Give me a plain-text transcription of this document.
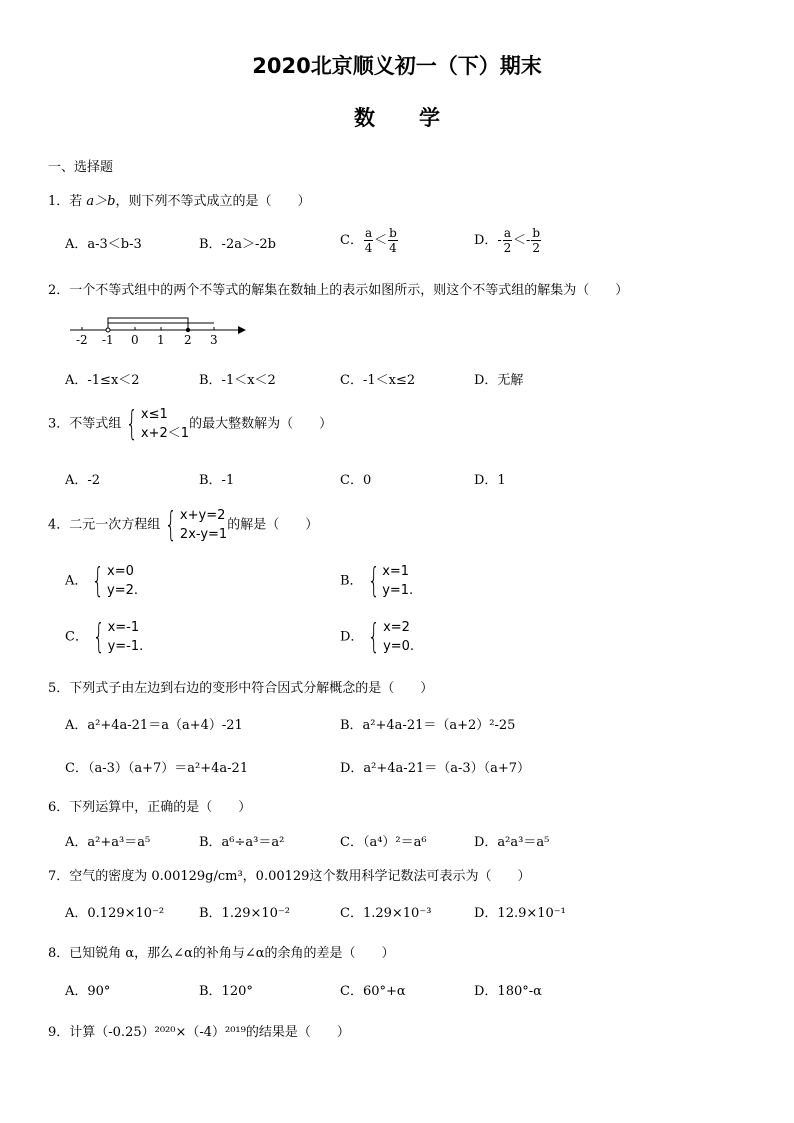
2020北京顺义初一（下）期末
数学
一、选择题
1．若 a＞b，则下列不等式成立的是（　　）
A．a-3＜b-3	B．-2a＞-2b	C． $\frac{a}{4} < \frac{b}{4}$	D．- $\frac{a}{2} <- \frac{b}{2}$
2．一个不等式组中的两个不等式的解集在数轴上的表示如图所示，则这个不等式组的解集为（　　）
-2 -1 0 1 2 3
A．-1≤x＜2	B．-1＜x＜2	C．-1＜x≤2	D．无解
3．不等式组 { x≤1
x+2＜1
的最大整数解为（　　）
A．-2	B．-1	C．0	D．1
4．二元一次方程组 { x+y=2
2x-y=1
的解是（　　）
A． { x=0
y=2.
B． { x=1
y=1.
C． { x=-1
y=-1.
D． { x=2
y=0.
5．下列式子由左边到右边的变形中符合因式分解概念的是（　　）
A．a²+4a-21＝a（a+4）-21	B．a²+4a-21＝（a+2）²-25
C．（a-3）（a+7）＝a²+4a-21	D．a²+4a-21＝（a-3）（a+7）
6．下列运算中，正确的是（　　）
A．a²+a³＝a⁵	B．a⁶÷a³＝a²	C．（a⁴）²＝a⁶	D．a²a³＝a⁵
7．空气的密度为 0.00129g/cm³，0.00129这个数用科学记数法可表示为（　　）
A．0.129×10⁻²	B．1.29×10⁻²	C．1.29×10⁻³	D．12.9×10⁻¹
8．已知锐角 α，那么∠α的补角与∠α的余角的差是（　　）
A．90°	B．120°	C．60°+α	D．180°-α
9．计算（-0.25）²⁰²⁰×（-4）²⁰¹⁹的结果是（　　）
